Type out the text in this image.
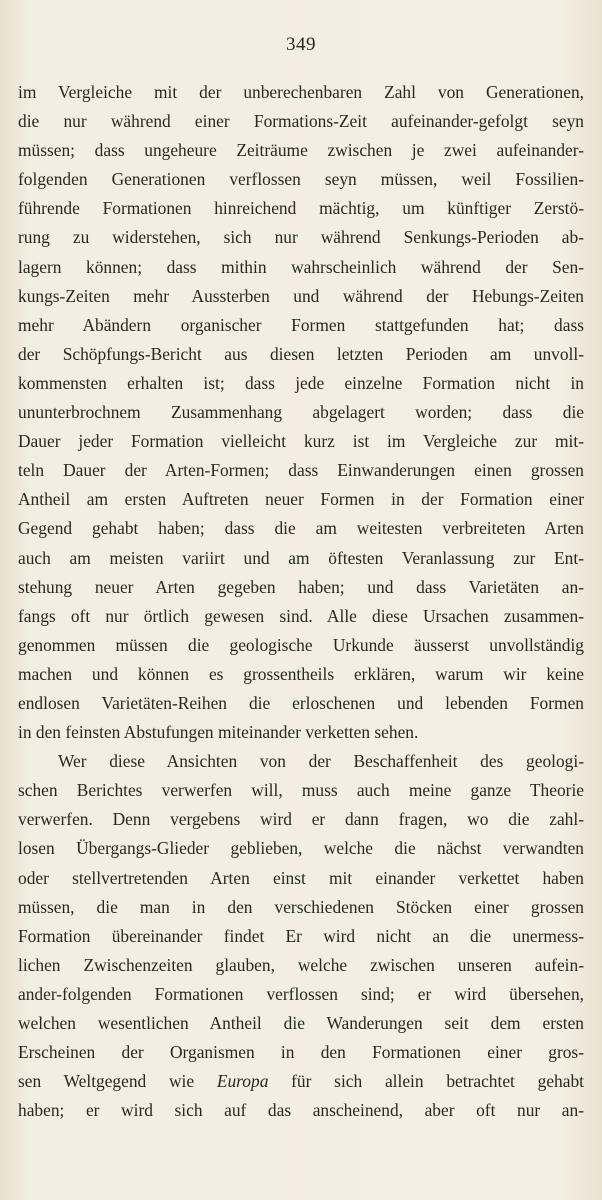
349
im Vergleiche mit der unberechenbaren Zahl von Generationen,
die nur während einer Formations-Zeit aufeinander-gefolgt seyn
müssen; dass ungeheure Zeiträume zwischen je zwei aufeinander-
folgenden Generationen verflossen seyn müssen, weil Fossilien-
führende Formationen hinreichend mächtig, um künftiger Zerstö-
rung zu widerstehen, sich nur während Senkungs-Perioden ab-
lagern können; dass mithin wahrscheinlich während der Sen-
kungs-Zeiten mehr Aussterben und während der Hebungs-Zeiten
mehr Abändern organischer Formen stattgefunden hat; dass
der Schöpfungs-Bericht aus diesen letzten Perioden am unvoll-
kommensten erhalten ist; dass jede einzelne Formation nicht in
ununterbrochnem Zusammenhang abgelagert worden; dass die
Dauer jeder Formation vielleicht kurz ist im Vergleiche zur mit-
teln Dauer der Arten-Formen; dass Einwanderungen einen grossen
Antheil am ersten Auftreten neuer Formen in der Formation einer
Gegend gehabt haben; dass die am weitesten verbreiteten Arten
auch am meisten variirt und am öftesten Veranlassung zur Ent-
stehung neuer Arten gegeben haben; und dass Varietäten an-
fangs oft nur örtlich gewesen sind. Alle diese Ursachen zusammen-
genommen müssen die geologische Urkunde äusserst unvollständig
machen und können es grossentheils erklären, warum wir keine
endlosen Varietäten-Reihen die erloschenen und lebenden Formen
in den feinsten Abstufungen miteinander verketten sehen.
Wer diese Ansichten von der Beschaffenheit des geologi-
schen Berichtes verwerfen will, muss auch meine ganze Theorie
verwerfen. Denn vergebens wird er dann fragen, wo die zahl-
losen Übergangs-Glieder geblieben, welche die nächst verwandten
oder stellvertretenden Arten einst mit einander verkettet haben
müssen, die man in den verschiedenen Stöcken einer grossen
Formation übereinander findet Er wird nicht an die unermess-
lichen Zwischenzeiten glauben, welche zwischen unseren aufein-
ander-folgenden Formationen verflossen sind; er wird übersehen,
welchen wesentlichen Antheil die Wanderungen seit dem ersten
Erscheinen der Organismen in den Formationen einer gros-
sen Weltgegend wie Europa für sich allein betrachtet gehabt
haben; er wird sich auf das anscheinend, aber oft nur an-
